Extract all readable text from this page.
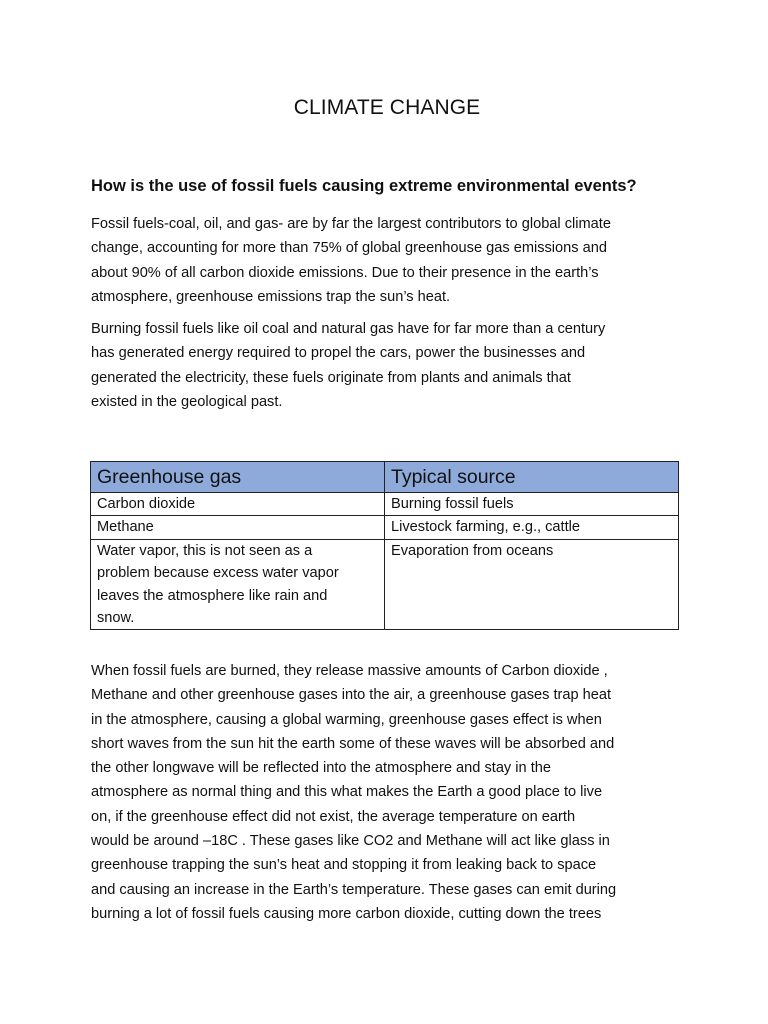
CLIMATE CHANGE
How is the use of fossil fuels causing extreme environmental events?

Fossil fuels-coal, oil, and gas- are by far the largest contributors to global climate
change, accounting for more than 75% of global greenhouse gas emissions and
about 90% of all carbon dioxide emissions. Due to their presence in the earth’s
atmosphere, greenhouse emissions trap the sun’s heat.

Burning fossil fuels like oil coal and natural gas have for far more than a century
has generated energy required to propel the cars, power the businesses and
generated the electricity, these fuels originate from plants and animals that
existed in the geological past.

Greenhouse gas	Typical source
Carbon dioxide	Burning fossil fuels
Methane	Livestock farming, e.g., cattle
Water vapor, this is not seen as a
problem because excess water vapor
leaves the atmosphere like rain and
snow.	Evaporation from oceans

When fossil fuels are burned, they release massive amounts of Carbon dioxide ,
Methane and other greenhouse gases into the air, a greenhouse gases trap heat
in the atmosphere, causing a global warming, greenhouse gases effect is when
short waves from the sun hit the earth some of these waves will be absorbed and
the other longwave will be reflected into the atmosphere and stay in the
atmosphere as normal thing and this what makes the Earth a good place to live
on, if the greenhouse effect did not exist, the average temperature on earth
would be around –18C . These gases like CO2 and Methane will act like glass in
greenhouse trapping the sun’s heat and stopping it from leaking back to space
and causing an increase in the Earth’s temperature. These gases can emit during
burning a lot of fossil fuels causing more carbon dioxide, cutting down the trees
